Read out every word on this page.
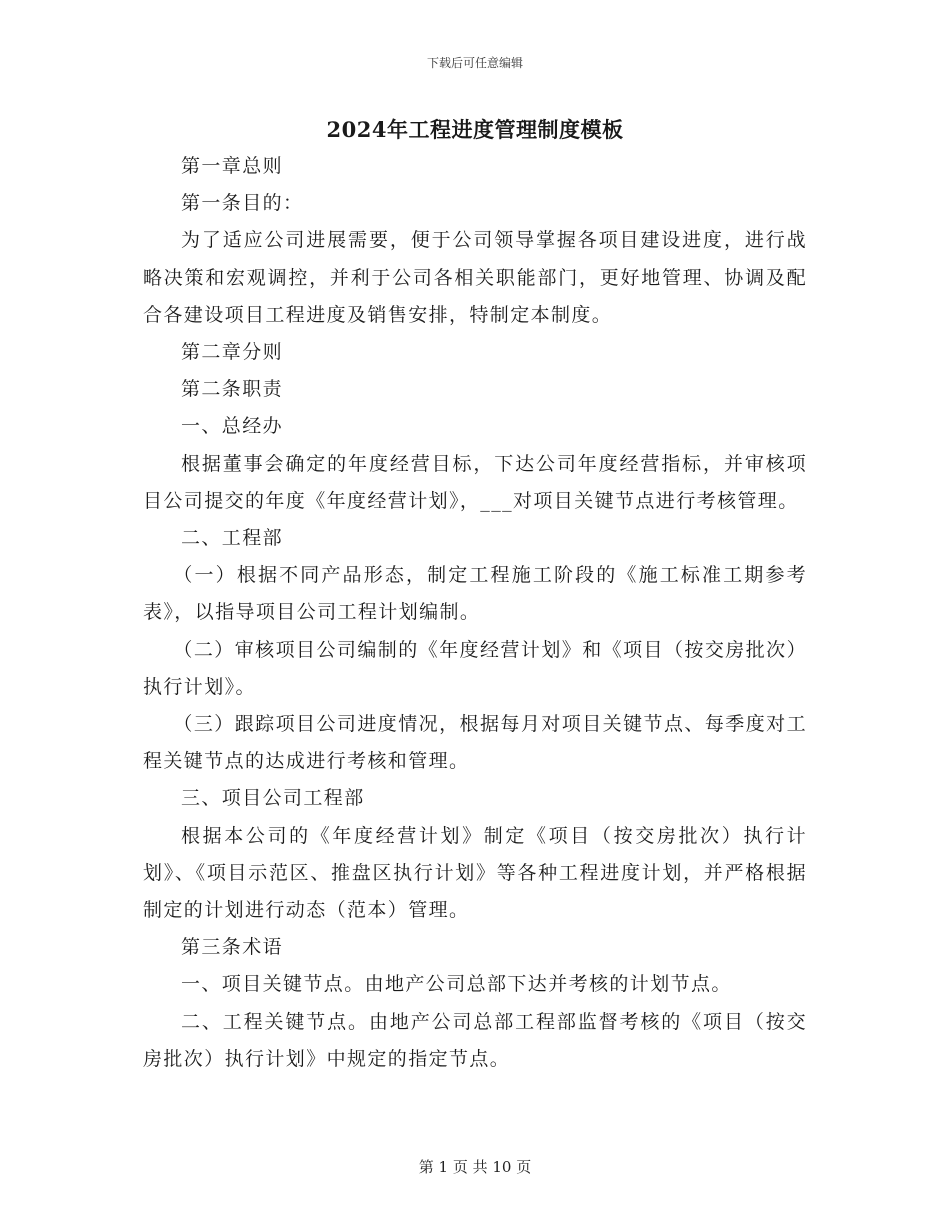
下载后可任意编辑
2024年工程进度管理制度模板

第一章总则

第一条目的：

为了适应公司进展需要，便于公司领导掌握各项目建设进度，进行战略决策和宏观调控，并利于公司各相关职能部门，更好地管理、协调及配合各建设项目工程进度及销售安排，特制定本制度。

第二章分则

第二条职责

一、总经办

根据董事会确定的年度经营目标，下达公司年度经营指标，并审核项目公司提交的年度《年度经营计划》，___对项目关键节点进行考核管理。

二、工程部

（一）根据不同产品形态，制定工程施工阶段的《施工标准工期参考表》，以指导项目公司工程计划编制。

（二）审核项目公司编制的《年度经营计划》和《项目（按交房批次）执行计划》。

（三）跟踪项目公司进度情况，根据每月对项目关键节点、每季度对工程关键节点的达成进行考核和管理。

三、项目公司工程部

根据本公司的《年度经营计划》制定《项目（按交房批次）执行计划》、《项目示范区、推盘区执行计划》等各种工程进度计划，并严格根据制定的计划进行动态（范本）管理。

第三条术语

一、项目关键节点。由地产公司总部下达并考核的计划节点。

二、工程关键节点。由地产公司总部工程部监督考核的《项目（按交房批次）执行计划》中规定的指定节点。

第 1 页 共 10 页
